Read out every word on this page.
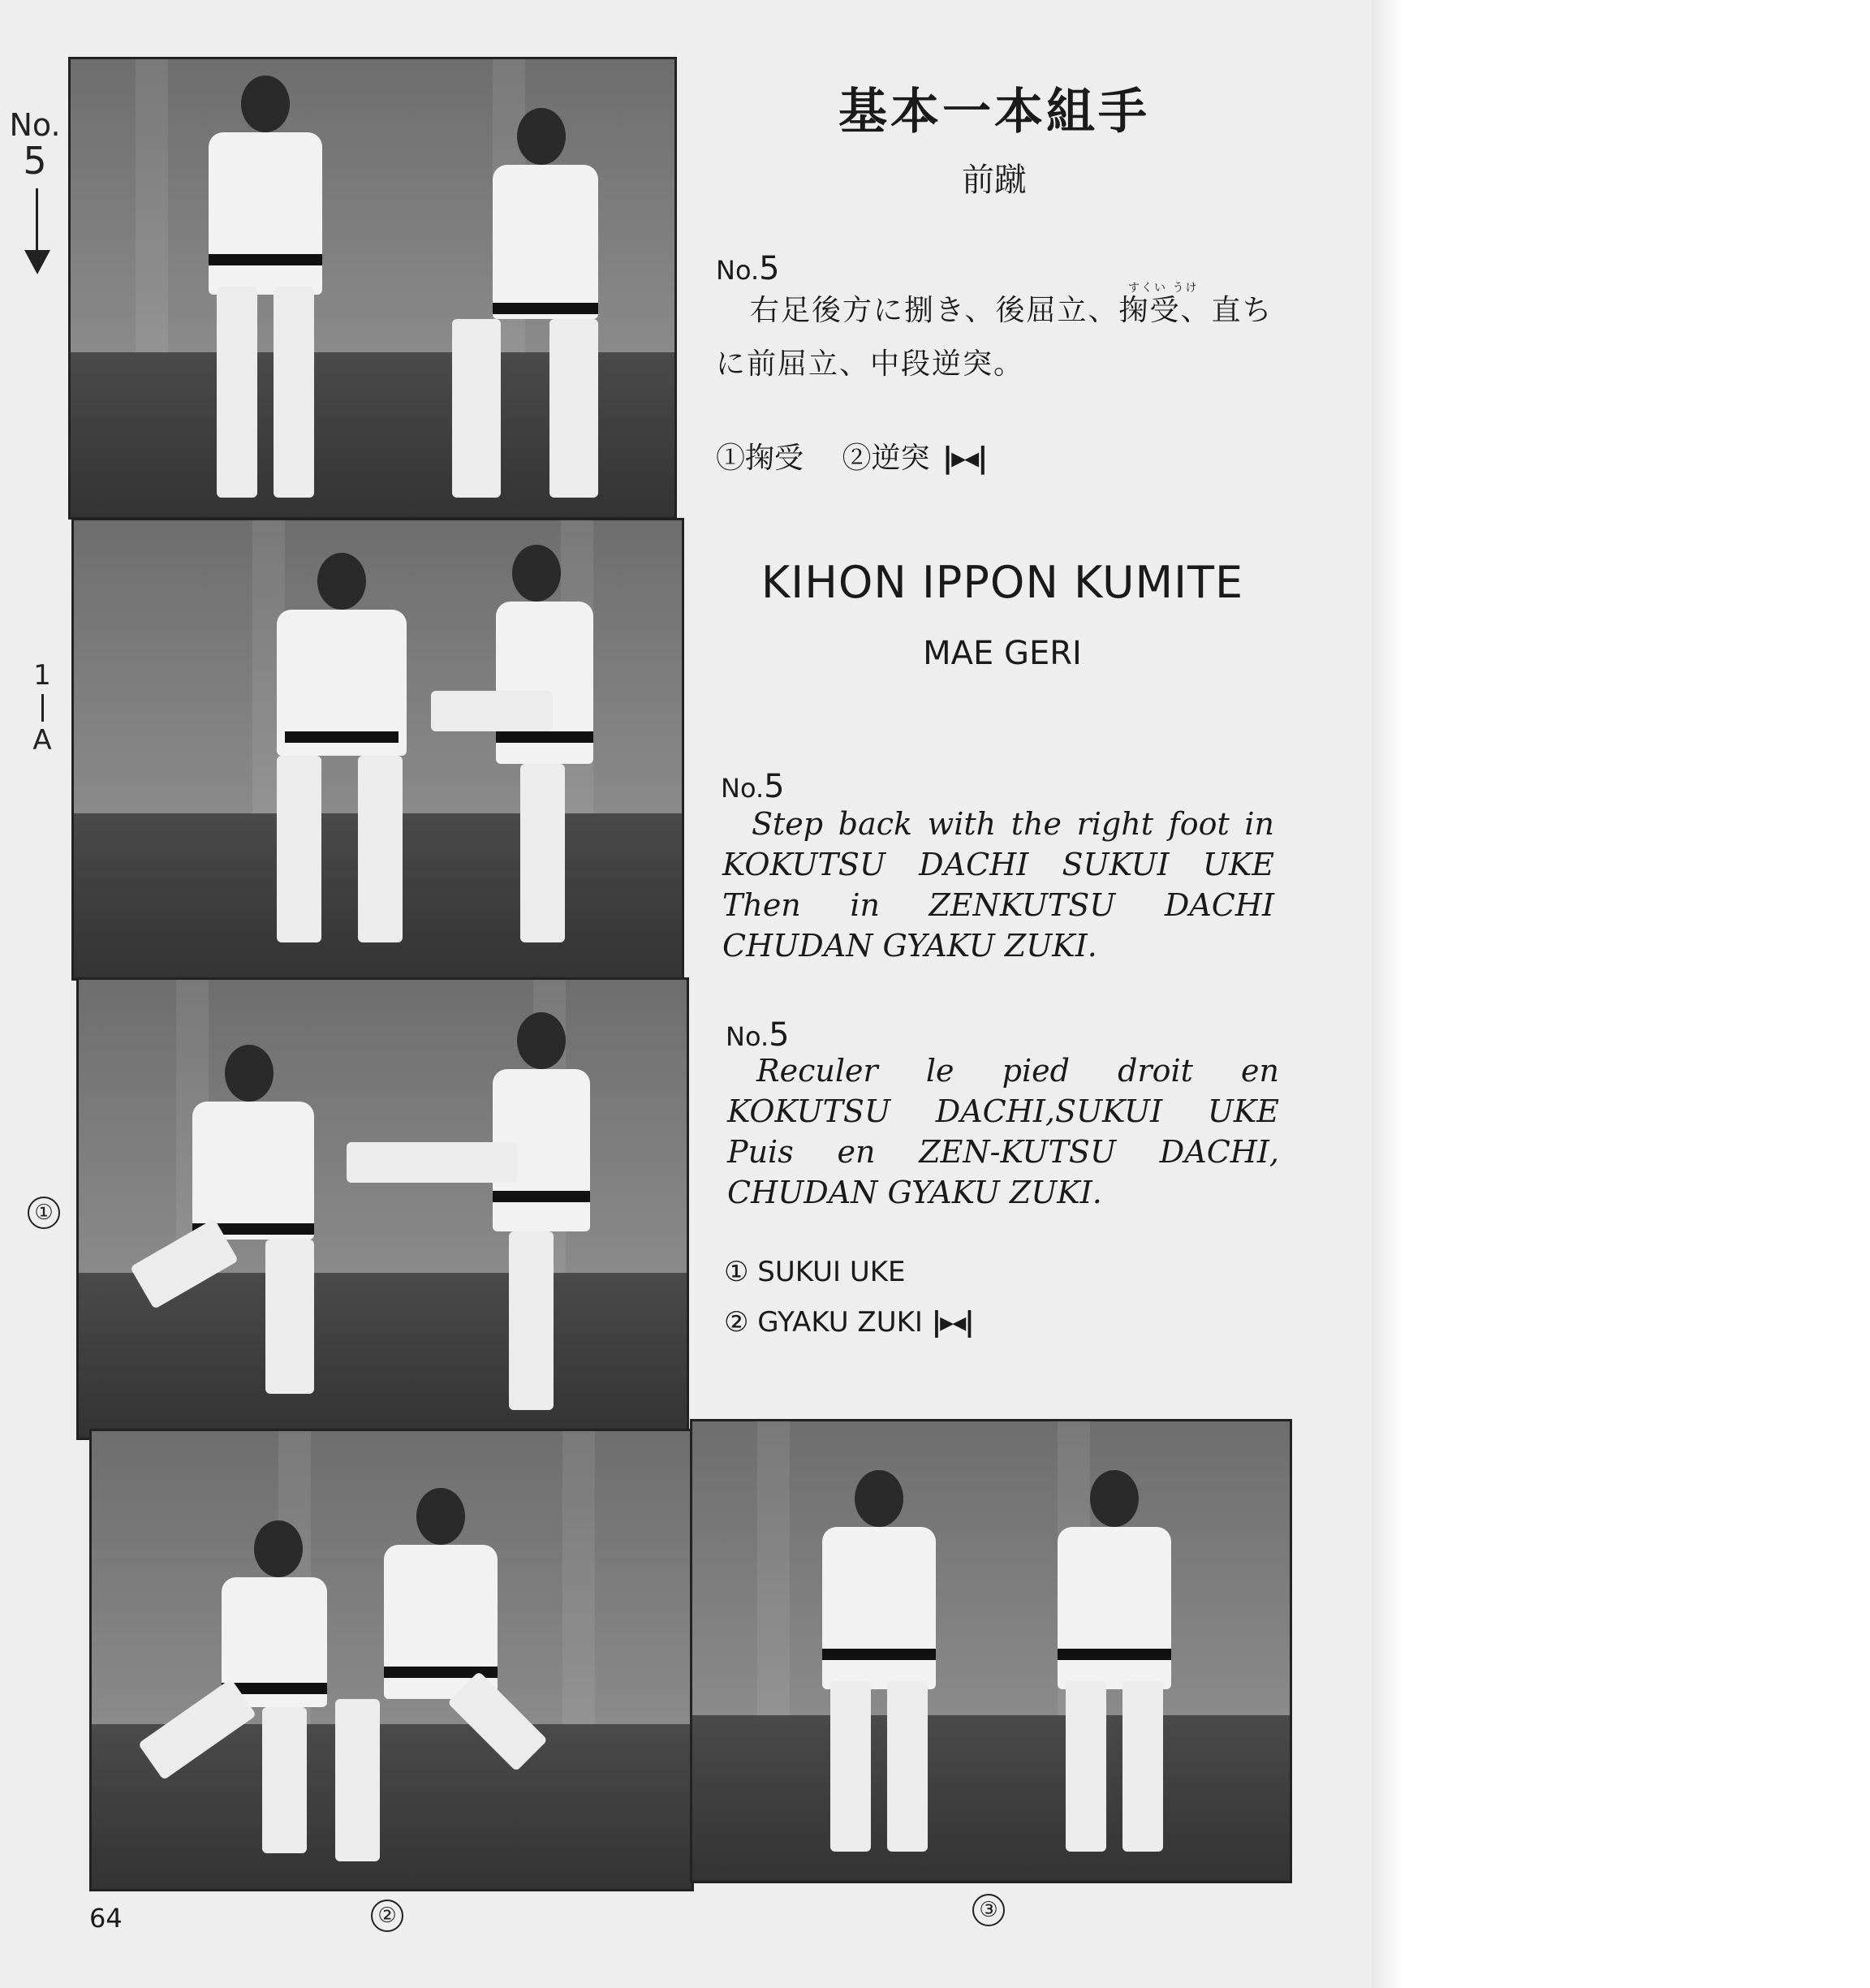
No.
5
1
A
①
②	③
基本一本組手
前蹴
No.5
すくい うけ
右足後方に捌き、後屈立、掬受、直ちに前屈立、中段逆突。
①掬受 ②逆突 |▸◂|
KIHON IPPON KUMITE
MAE GERI
No.5
Step back with the right foot in KOKUTSU DACHI SUKUI UKE Then in ZENKUTSU DACHI CHUDAN GYAKU ZUKI.
No.5
Reculer le pied droit en KOKUTSU DACHI,SUKUI UKE Puis en ZEN-KUTSU DACHI, CHUDAN GYAKU ZUKI.
① SUKUI UKE
② GYAKU ZUKI |▸◂|
64
